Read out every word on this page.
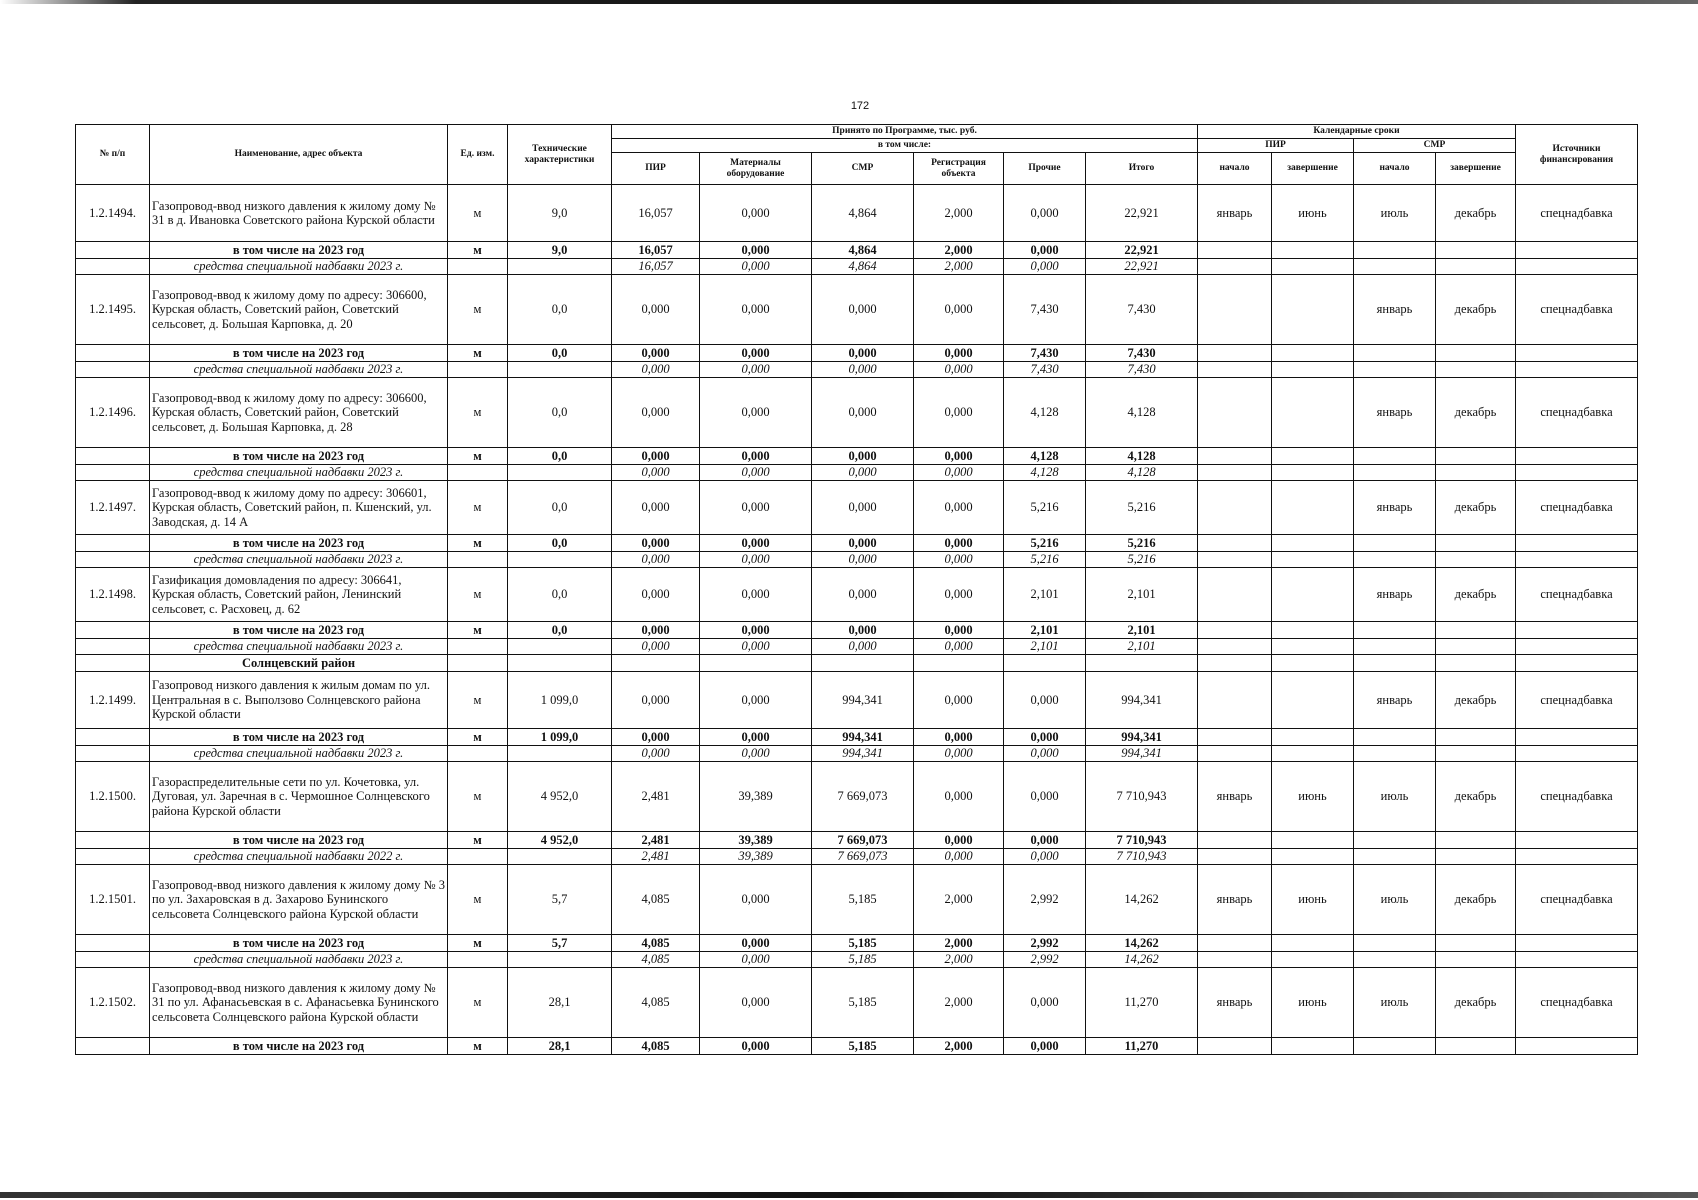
172
№ п/п	Наименование, адрес объекта	Ед. изм.	Технические характеристики	Принято по Программе, тыс. руб.						Календарные сроки				Источники финансирования
				в том числе:						ПИР		СМР		
				ПИР	Материалы оборудование	СМР	Регистрация объекта	Прочие	Итого	начало	завершение	начало	завершение	
1.2.1494.	Газопровод-ввод низкого давления к жилому дому № 31 в д. Ивановка Советского района Курской области	м	9,0	16,057	0,000	4,864	2,000	0,000	22,921	январь	июнь	июль	декабрь	спецнадбавка
	в том числе на 2023 год	м	9,0	16,057	0,000	4,864	2,000	0,000	22,921					
	средства специальной надбавки 2023 г.			16,057	0,000	4,864	2,000	0,000	22,921					
1.2.1495.	Газопровод-ввод к жилому дому по адресу: 306600, Курская область, Советский район, Советский сельсовет, д. Большая Карповка, д. 20	м	0,0	0,000	0,000	0,000	0,000	7,430	7,430			январь	декабрь	спецнадбавка
	в том числе на 2023 год	м	0,0	0,000	0,000	0,000	0,000	7,430	7,430					
	средства специальной надбавки 2023 г.			0,000	0,000	0,000	0,000	7,430	7,430					
1.2.1496.	Газопровод-ввод к жилому дому по адресу: 306600, Курская область, Советский район, Советский сельсовет, д. Большая Карповка, д. 28	м	0,0	0,000	0,000	0,000	0,000	4,128	4,128			январь	декабрь	спецнадбавка
	в том числе на 2023 год	м	0,0	0,000	0,000	0,000	0,000	4,128	4,128					
	средства специальной надбавки 2023 г.			0,000	0,000	0,000	0,000	4,128	4,128					
1.2.1497.	Газопровод-ввод к жилому дому по адресу: 306601, Курская область, Советский район, п. Кшенский, ул. Заводская, д. 14 А	м	0,0	0,000	0,000	0,000	0,000	5,216	5,216			январь	декабрь	спецнадбавка
	в том числе на 2023 год	м	0,0	0,000	0,000	0,000	0,000	5,216	5,216					
	средства специальной надбавки 2023 г.			0,000	0,000	0,000	0,000	5,216	5,216					
1.2.1498.	Газификация домовладения по адресу: 306641, Курская область, Советский район, Ленинский сельсовет, с. Расховец, д. 62	м	0,0	0,000	0,000	0,000	0,000	2,101	2,101			январь	декабрь	спецнадбавка
	в том числе на 2023 год	м	0,0	0,000	0,000	0,000	0,000	2,101	2,101					
	средства специальной надбавки 2023 г.			0,000	0,000	0,000	0,000	2,101	2,101					
	Солнцевский район													
1.2.1499.	Газопровод низкого давления к жилым домам по ул. Центральная в с. Выползово Солнцевского района Курской области	м	1 099,0	0,000	0,000	994,341	0,000	0,000	994,341			январь	декабрь	спецнадбавка
	в том числе на 2023 год	м	1 099,0	0,000	0,000	994,341	0,000	0,000	994,341					
	средства специальной надбавки 2023 г.			0,000	0,000	994,341	0,000	0,000	994,341					
1.2.1500.	Газораспределительные сети по ул. Кочетовка, ул. Дуговая, ул. Заречная в с. Чермошное Солнцевского района Курской области	м	4 952,0	2,481	39,389	7 669,073	0,000	0,000	7 710,943	январь	июнь	июль	декабрь	спецнадбавка
	в том числе на 2023 год	м	4 952,0	2,481	39,389	7 669,073	0,000	0,000	7 710,943					
	средства специальной надбавки 2022 г.			2,481	39,389	7 669,073	0,000	0,000	7 710,943					
1.2.1501.	Газопровод-ввод низкого давления к жилому дому № 3 по ул. Захаровская в д. Захарово Бунинского сельсовета Солнцевского района Курской области	м	5,7	4,085	0,000	5,185	2,000	2,992	14,262	январь	июнь	июль	декабрь	спецнадбавка
	в том числе на 2023 год	м	5,7	4,085	0,000	5,185	2,000	2,992	14,262					
	средства специальной надбавки 2023 г.			4,085	0,000	5,185	2,000	2,992	14,262					
1.2.1502.	Газопровод-ввод низкого давления к жилому дому № 31 по ул. Афанасьевская в с. Афанасьевка Бунинского сельсовета Солнцевского района Курской области	м	28,1	4,085	0,000	5,185	2,000	0,000	11,270	январь	июнь	июль	декабрь	спецнадбавка
	в том числе на 2023 год	м	28,1	4,085	0,000	5,185	2,000	0,000	11,270					
